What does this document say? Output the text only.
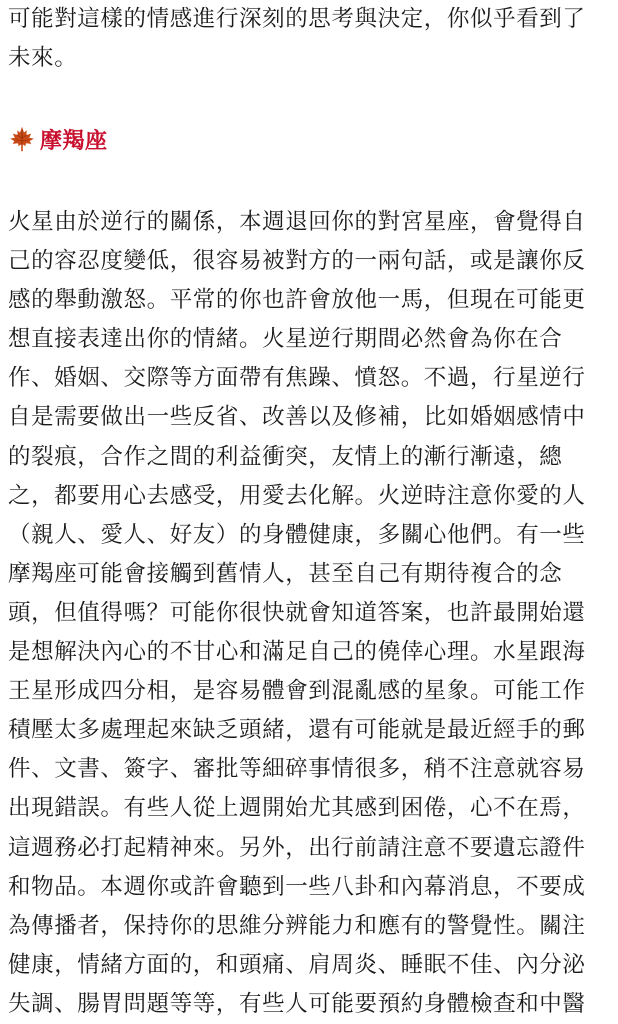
可能對這樣的情感進行深刻的思考與決定，你似乎看到了
未來。

摩羯座

火星由於逆行的關係，本週退回你的對宮星座，會覺得自
己的容忍度變低，很容易被對方的一兩句話，或是讓你反
感的舉動激怒。平常的你也許會放他一馬，但現在可能更
想直接表達出你的情緒。火星逆行期間必然會為你在合
作、婚姻、交際等方面帶有焦躁、憤怒。不過，行星逆行
自是需要做出一些反省、改善以及修補，比如婚姻感情中
的裂痕，合作之間的利益衝突，友情上的漸行漸遠，總
之，都要用心去感受，用愛去化解。火逆時注意你愛的人
（親人、愛人、好友）的身體健康，多關心他們。有一些
摩羯座可能會接觸到舊情人，甚至自己有期待複合的念
頭，但值得嗎？可能你很快就會知道答案，也許最開始還
是想解決內心的不甘心和滿足自己的僥倖心理。水星跟海
王星形成四分相，是容易體會到混亂感的星象。可能工作
積壓太多處理起來缺乏頭緒，還有可能就是最近經手的郵
件、文書、簽字、審批等細碎事情很多，稍不注意就容易
出現錯誤。有些人從上週開始尤其感到困倦，心不在焉，
這週務必打起精神來。另外，出行前請注意不要遺忘證件
和物品。本週你或許會聽到一些八卦和內幕消息，不要成
為傳播者，保持你的思維分辨能力和應有的警覺性。關注
健康，情緒方面的，和頭痛、肩周炎、睡眠不佳、內分泌
失調、腸胃問題等等，有些人可能要預約身體檢查和中醫
